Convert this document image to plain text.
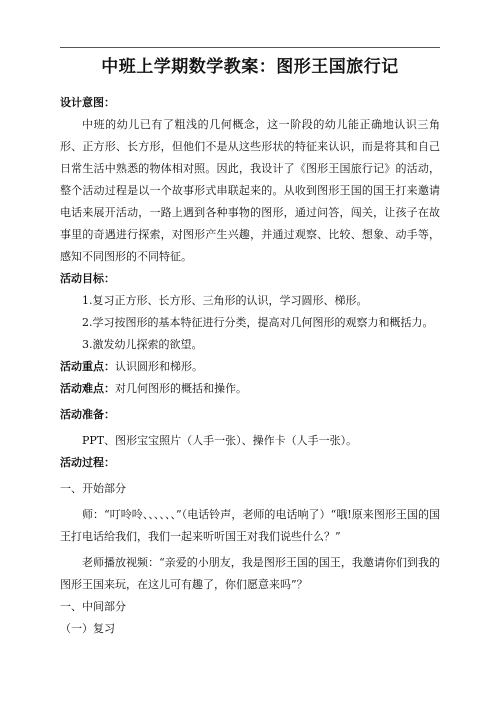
中班上学期数学教案：图形王国旅行记
设计意图：
中班的幼儿已有了粗浅的几何概念，这一阶段的幼儿能正确地认识三角形、正方形、长方形，但他们不是从这些形状的特征来认识，而是将其和自己日常生活中熟悉的物体相对照。因此，我设计了《图形王国旅行记》的活动，整个活动过程是以一个故事形式串联起来的。从收到图形王国的国王打来邀请电话来展开活动，一路上遇到各种事物的图形，通过问答，闯关，让孩子在故事里的奇遇进行探索，对图形产生兴趣，并通过观察、比较、想象、动手等，感知不同图形的不同特征。
活动目标：
1.复习正方形、长方形、三角形的认识，学习圆形、梯形。
2.学习按图形的基本特征进行分类，提高对几何图形的观察力和概括力。
3.激发幼儿探索的欲望。
活动重点：认识圆形和梯形。
活动难点：对几何图形的概括和操作。
活动准备：
PPT、图形宝宝照片（人手一张）、操作卡（人手一张）。
活动过程：
一、开始部分
师：“叮呤呤、、、、、、”（电话铃声，老师的电话响了）“哦!原来图形王国的国王打电话给我们，我们一起来听听国王对我们说些什么？”
老师播放视频：“亲爱的小朋友，我是图形王国的国王，我邀请你们到我的图形王国来玩，在这儿可有趣了，你们愿意来吗”？
一、中间部分
（一）复习
